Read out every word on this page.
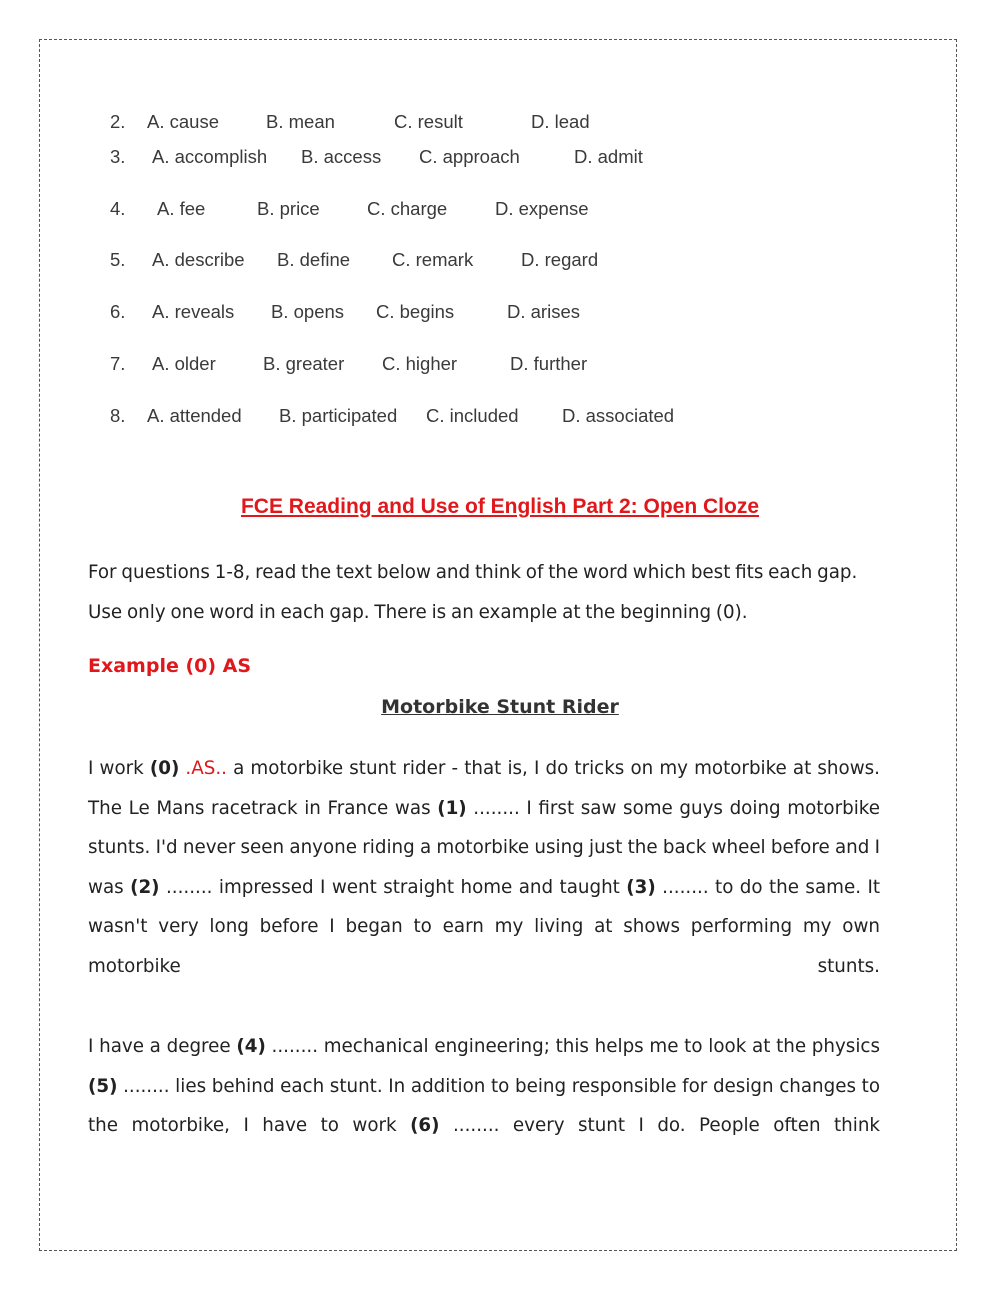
2. A. cause	B. mean	C. result	D. lead
3. A. accomplish B. access C. approach	D. admit
4. A. fee	B. price	C. charge	D. expense
5. A. describe B. define C. remark	D. regard
6. A. reveals B. opens C. begins	D. arises
7. A. older	B. greater C. higher	D. further
8. A. attended B. participated C. included D. associated
FCE Reading and Use of English Part 2: Open Cloze
For questions 1-8, read the text below and think of the word which best fits each gap. Use only one word in each gap. There is an example at the beginning (0).
Example (0) AS
Motorbike Stunt Rider
I work (0) .AS.. a motorbike stunt rider - that is, I do tricks on my motorbike at shows. The Le Mans racetrack in France was (1) ........ I first saw some guys doing motorbike stunts. I'd never seen anyone riding a motorbike using just the back wheel before and I was (2) ........ impressed I went straight home and taught (3) ........ to do the same. It wasn't very long before I began to earn my living at shows performing my own motorbike stunts.
I have a degree (4) ........ mechanical engineering; this helps me to look at the physics (5) ........ lies behind each stunt. In addition to being responsible for design changes to the motorbike, I have to work (6) ........ every stunt I do. People often think
